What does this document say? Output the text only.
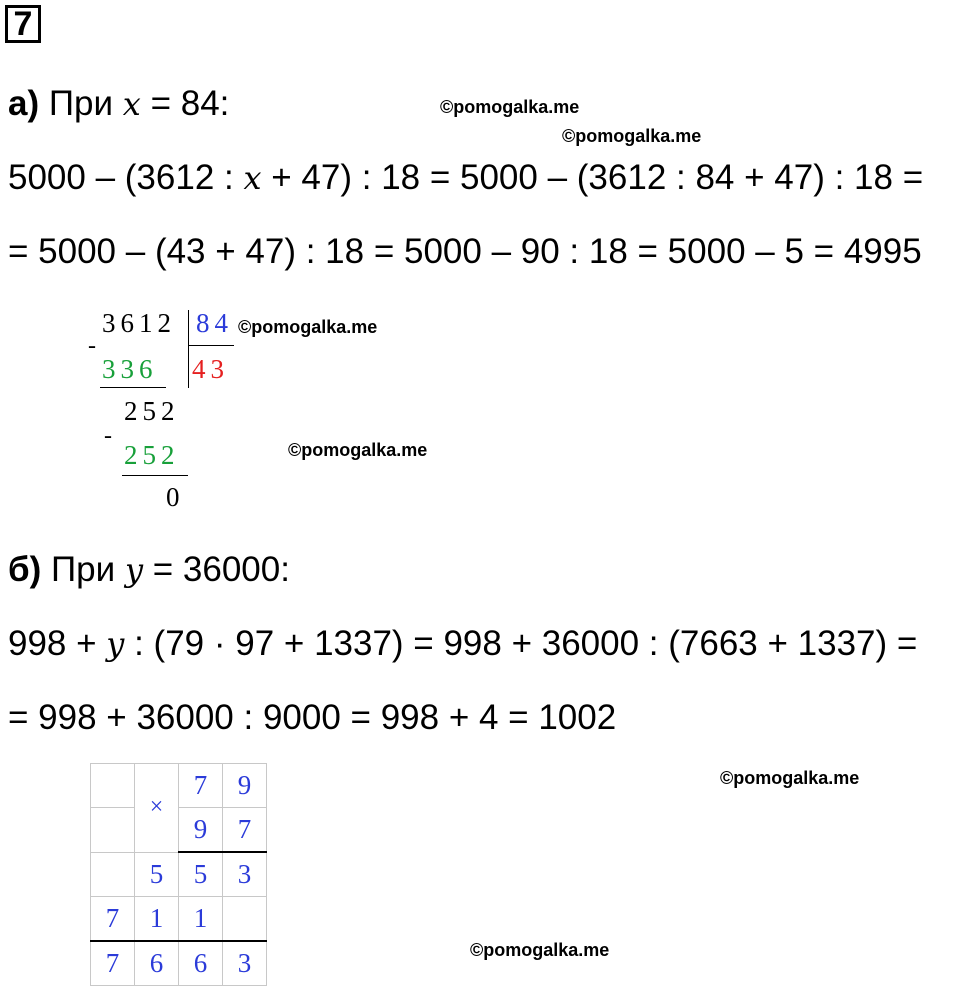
7
а) При x = 84:	©pomogalka.me
©pomogalka.me
5000 – (3612 : x + 47) : 18 = 5000 – (3612 : 84 + 47) : 18 =
= 5000 – (43 + 47) : 18 = 5000 – 90 : 18 = 5000 – 5 = 4995
3612 84
-
336 43
252
-
252
0
©pomogalka.me
©pomogalka.me
б) При y = 36000:
998 + y : (79 · 97 + 1337) = 998 + 36000 : (7663 + 1337) =
= 998 + 36000 : 9000 = 998 + 4 = 1002
	×	7	9
		9	7
	5	5	3
7	1	1	
7	6	6	3
©pomogalka.me
©pomogalka.me
